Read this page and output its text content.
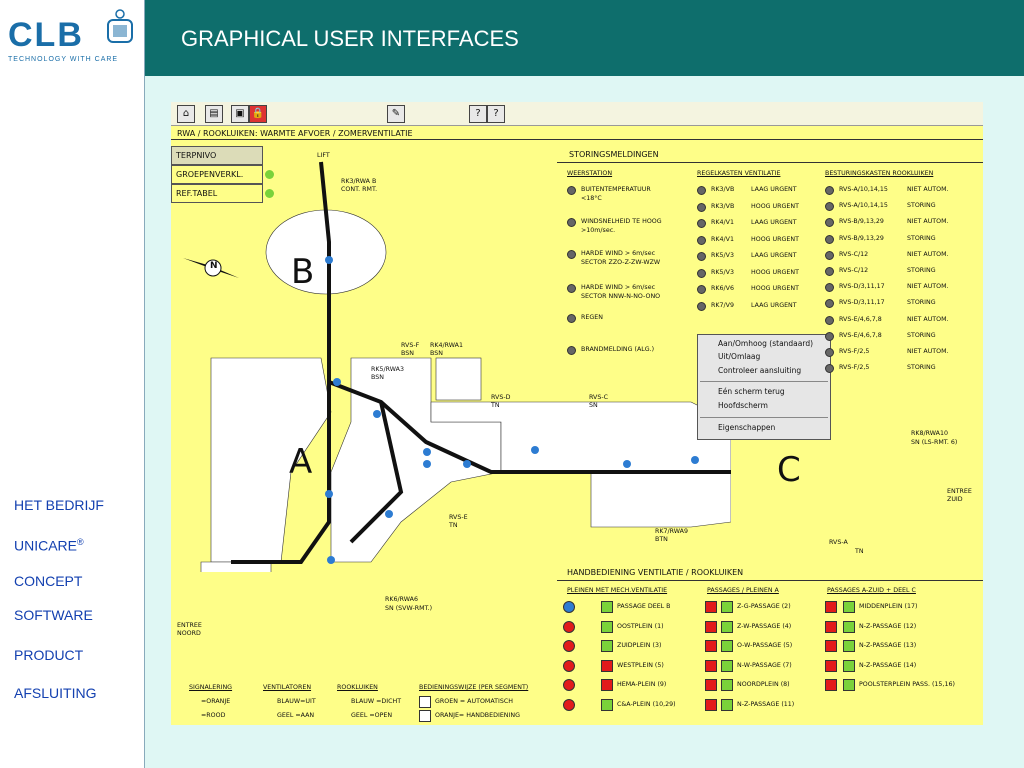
CLB
TECHNOLOGY WITH CARE
GRAPHICAL USER INTERFACES
HET BEDRIJF
UNICARE®
CONCEPT
SOFTWARE
PRODUCT
AFSLUITING
⌂	▤	▣ 🔒	✎	?	?
RWA / ROOKLUIKEN: WARMTE AFVOER / ZOMERVENTILATIE
TERPNIVO
GROEPENVERKL.
REF.TABEL
B
A	C
N
LIFT
RK3/RWA B
CONT. RMT.
RVS-F
BSN
RK4/RWA1
BSN
RK5/RWA3
BSN
RVS-D
TN
RVS-C
SN
RK8/RWA10
SN (LS-RMT. 6)
RVS-E
TN
RK7/RWA9
BTN	RVS-A
TN
RK6/RWA6
SN (SVW-RMT.)
ENTREE
NOORD
ENTREE
ZUID
STORINGSMELDINGEN
WEERSTATION	REGELKASTEN VENTILATIE	BESTURINGSKASTEN ROOKLUIKEN
Aan/Omhoog (standaard)
Uit/Omlaag
Controleer aansluiting
Eén scherm terug
Hoofdscherm
Eigenschappen
HANDBEDIENING VENTILATIE / ROOKLUIKEN
PLEINEN MET MECH.VENTILATIE	PASSAGES / PLEINEN A	PASSAGES A-ZUID + DEEL C
SIGNALERING
=ORANJE
=ROOD
VENTILATOREN
BLAUW=UIT
GEEL =AAN
ROOKLUIKEN
BLAUW =DICHT
GEEL =OPEN
BEDIENINGSWIJZE (PER SEGMENT)
GROEN = AUTOMATISCH
ORANJE= HANDBEDIENING
BUITENTEMPERATUUR
<18°C
WINDSNELHEID TE HOOG
>10m/sec.
HARDE WIND > 6m/sec
SECTOR ZZO-Z-ZW-WZW
HARDE WIND > 6m/sec
SECTOR NNW-N-NO-ONO
REGEN
BRANDMELDING (ALG.)
RK3/VB	LAAG URGENT
RK3/VB	HOOG URGENT
RK4/V1	LAAG URGENT
RK4/V1	HOOG URGENT
RK5/V3	LAAG URGENT
RK5/V3	HOOG URGENT
RK6/V6	HOOG URGENT
RK7/V9	LAAG URGENT
RVS-A/10,14,15	NIET AUTOM.
RVS-A/10,14,15	STORING
RVS-B/9,13,29	NIET AUTOM.
RVS-B/9,13,29	STORING
RVS-C/12	NIET AUTOM.
RVS-C/12	STORING
RVS-D/3,11,17	NIET AUTOM.
RVS-D/3,11,17	STORING
RVS-E/4,6,7,8	NIET AUTOM.
RVS-E/4,6,7,8	STORING
RVS-F/2,5	NIET AUTOM.
RVS-F/2,5	STORING
PASSAGE DEEL B
OOSTPLEIN (1)
ZUIDPLEIN (3)
WESTPLEIN (5)
HEMA-PLEIN (9)
C&A-PLEIN (10,29)
Z-G-PASSAGE (2)
Z-W-PASSAGE (4)
O-W-PASSAGE (5)
N-W-PASSAGE (7)
NOORDPLEIN (8)
N-Z-PASSAGE (11)
MIDDENPLEIN (17)
N-Z-PASSAGE (12)
N-Z-PASSAGE (13)
N-Z-PASSAGE (14)
POOLSTERPLEIN PASS. (15,16)
